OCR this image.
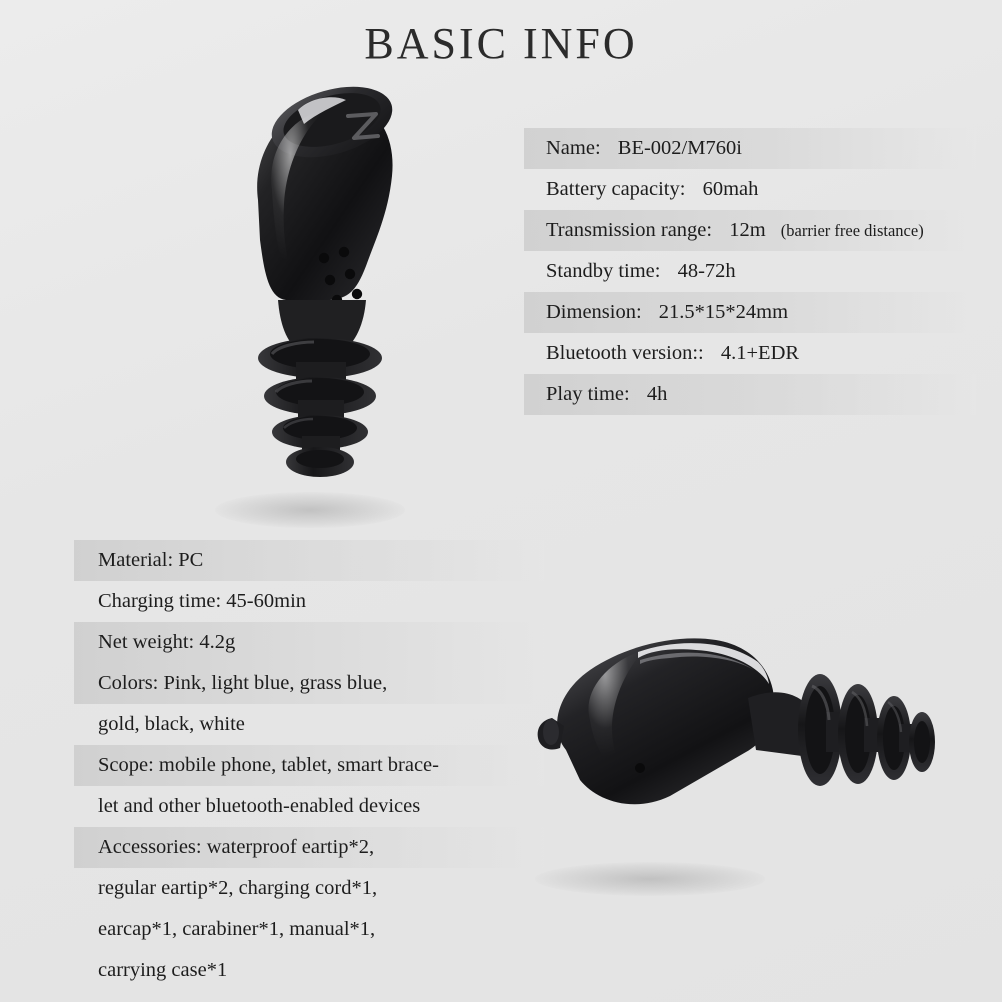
BASIC INFO
Name: BE-002/M760i
Battery capacity: 60mah
Transmission range: 12m (barrier free distance)
Standby time: 48-72h
Dimension: 21.5*15*24mm
Bluetooth version:: 4.1+EDR
Play time: 4h
Material: PC
Charging time: 45-60min
Net weight: 4.2g
Colors: Pink, light blue, grass blue,
gold, black, white
Scope: mobile phone, tablet, smart brace-
let and other bluetooth-enabled devices
Accessories: waterproof eartip*2,
regular eartip*2, charging cord*1,
earcap*1, carabiner*1, manual*1,
carrying case*1
